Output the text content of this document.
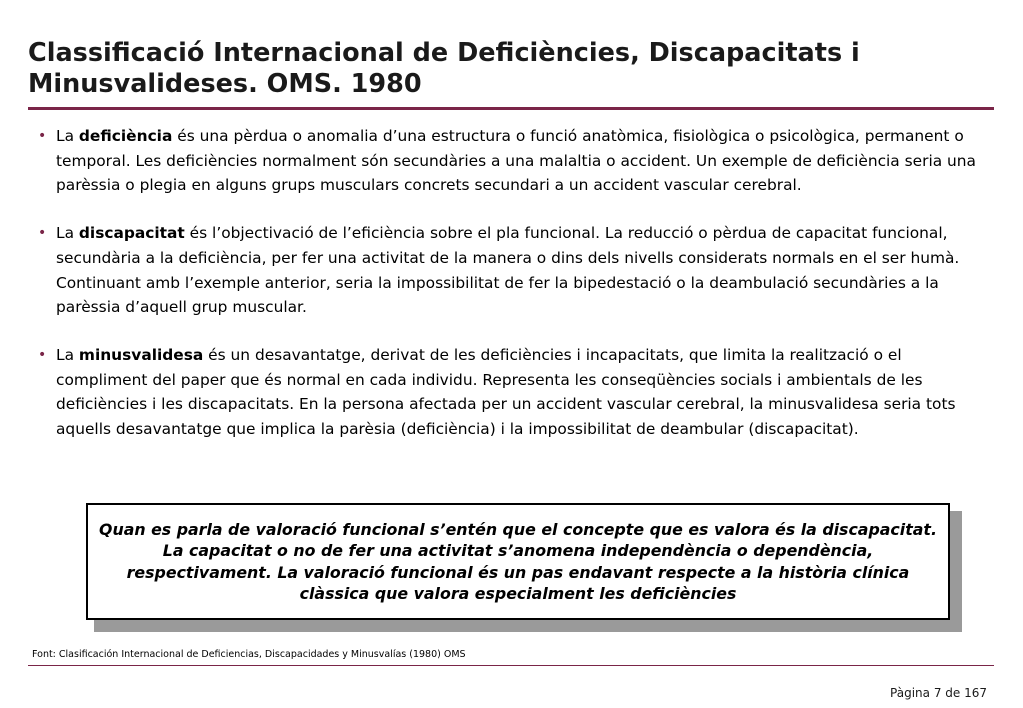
Classificació Internacional de Deficiències, Discapacitats i Minusvalideses. OMS. 1980
• La deficiència és una pèrdua o anomalia d’una estructura o funció anatòmica, fisiològica o psicològica, permanent o temporal. Les deficiències normalment són secundàries a una malaltia o accident. Un exemple de deficiència seria una parèssia o plegia en alguns grups musculars concrets secundari a un accident vascular cerebral.
• La discapacitat és l’objectivació de l’eficiència sobre el pla funcional. La reducció o pèrdua de capacitat funcional, secundària a la deficiència, per fer una activitat de la manera o dins dels nivells considerats normals en el ser humà. Continuant amb l’exemple anterior, seria la impossibilitat de fer la bipedestació o la deambulació secundàries a la parèssia d’aquell grup muscular.
• La minusvalidesa és un desavantatge, derivat de les deficiències i incapacitats, que limita la realització o el compliment del paper que és normal en cada individu. Representa les conseqüències socials i ambientals de les deficiències i les discapacitats. En la persona afectada per un accident vascular cerebral, la minusvalidesa seria tots aquells desavantatge que implica la parèsia (deficiència) i la impossibilitat de deambular (discapacitat).

Quan es parla de valoració funcional s’entén que el concepte que es valora és la discapacitat. La capacitat o no de fer una activitat s’anomena independència o dependència, respectivament. La valoració funcional és un pas endavant respecte a la història clínica clàssica que valora especialment les deficiències

Font: Clasificación Internacional de Deficiencias, Discapacidades y Minusvalías (1980) OMS

Pàgina 7 de 167
